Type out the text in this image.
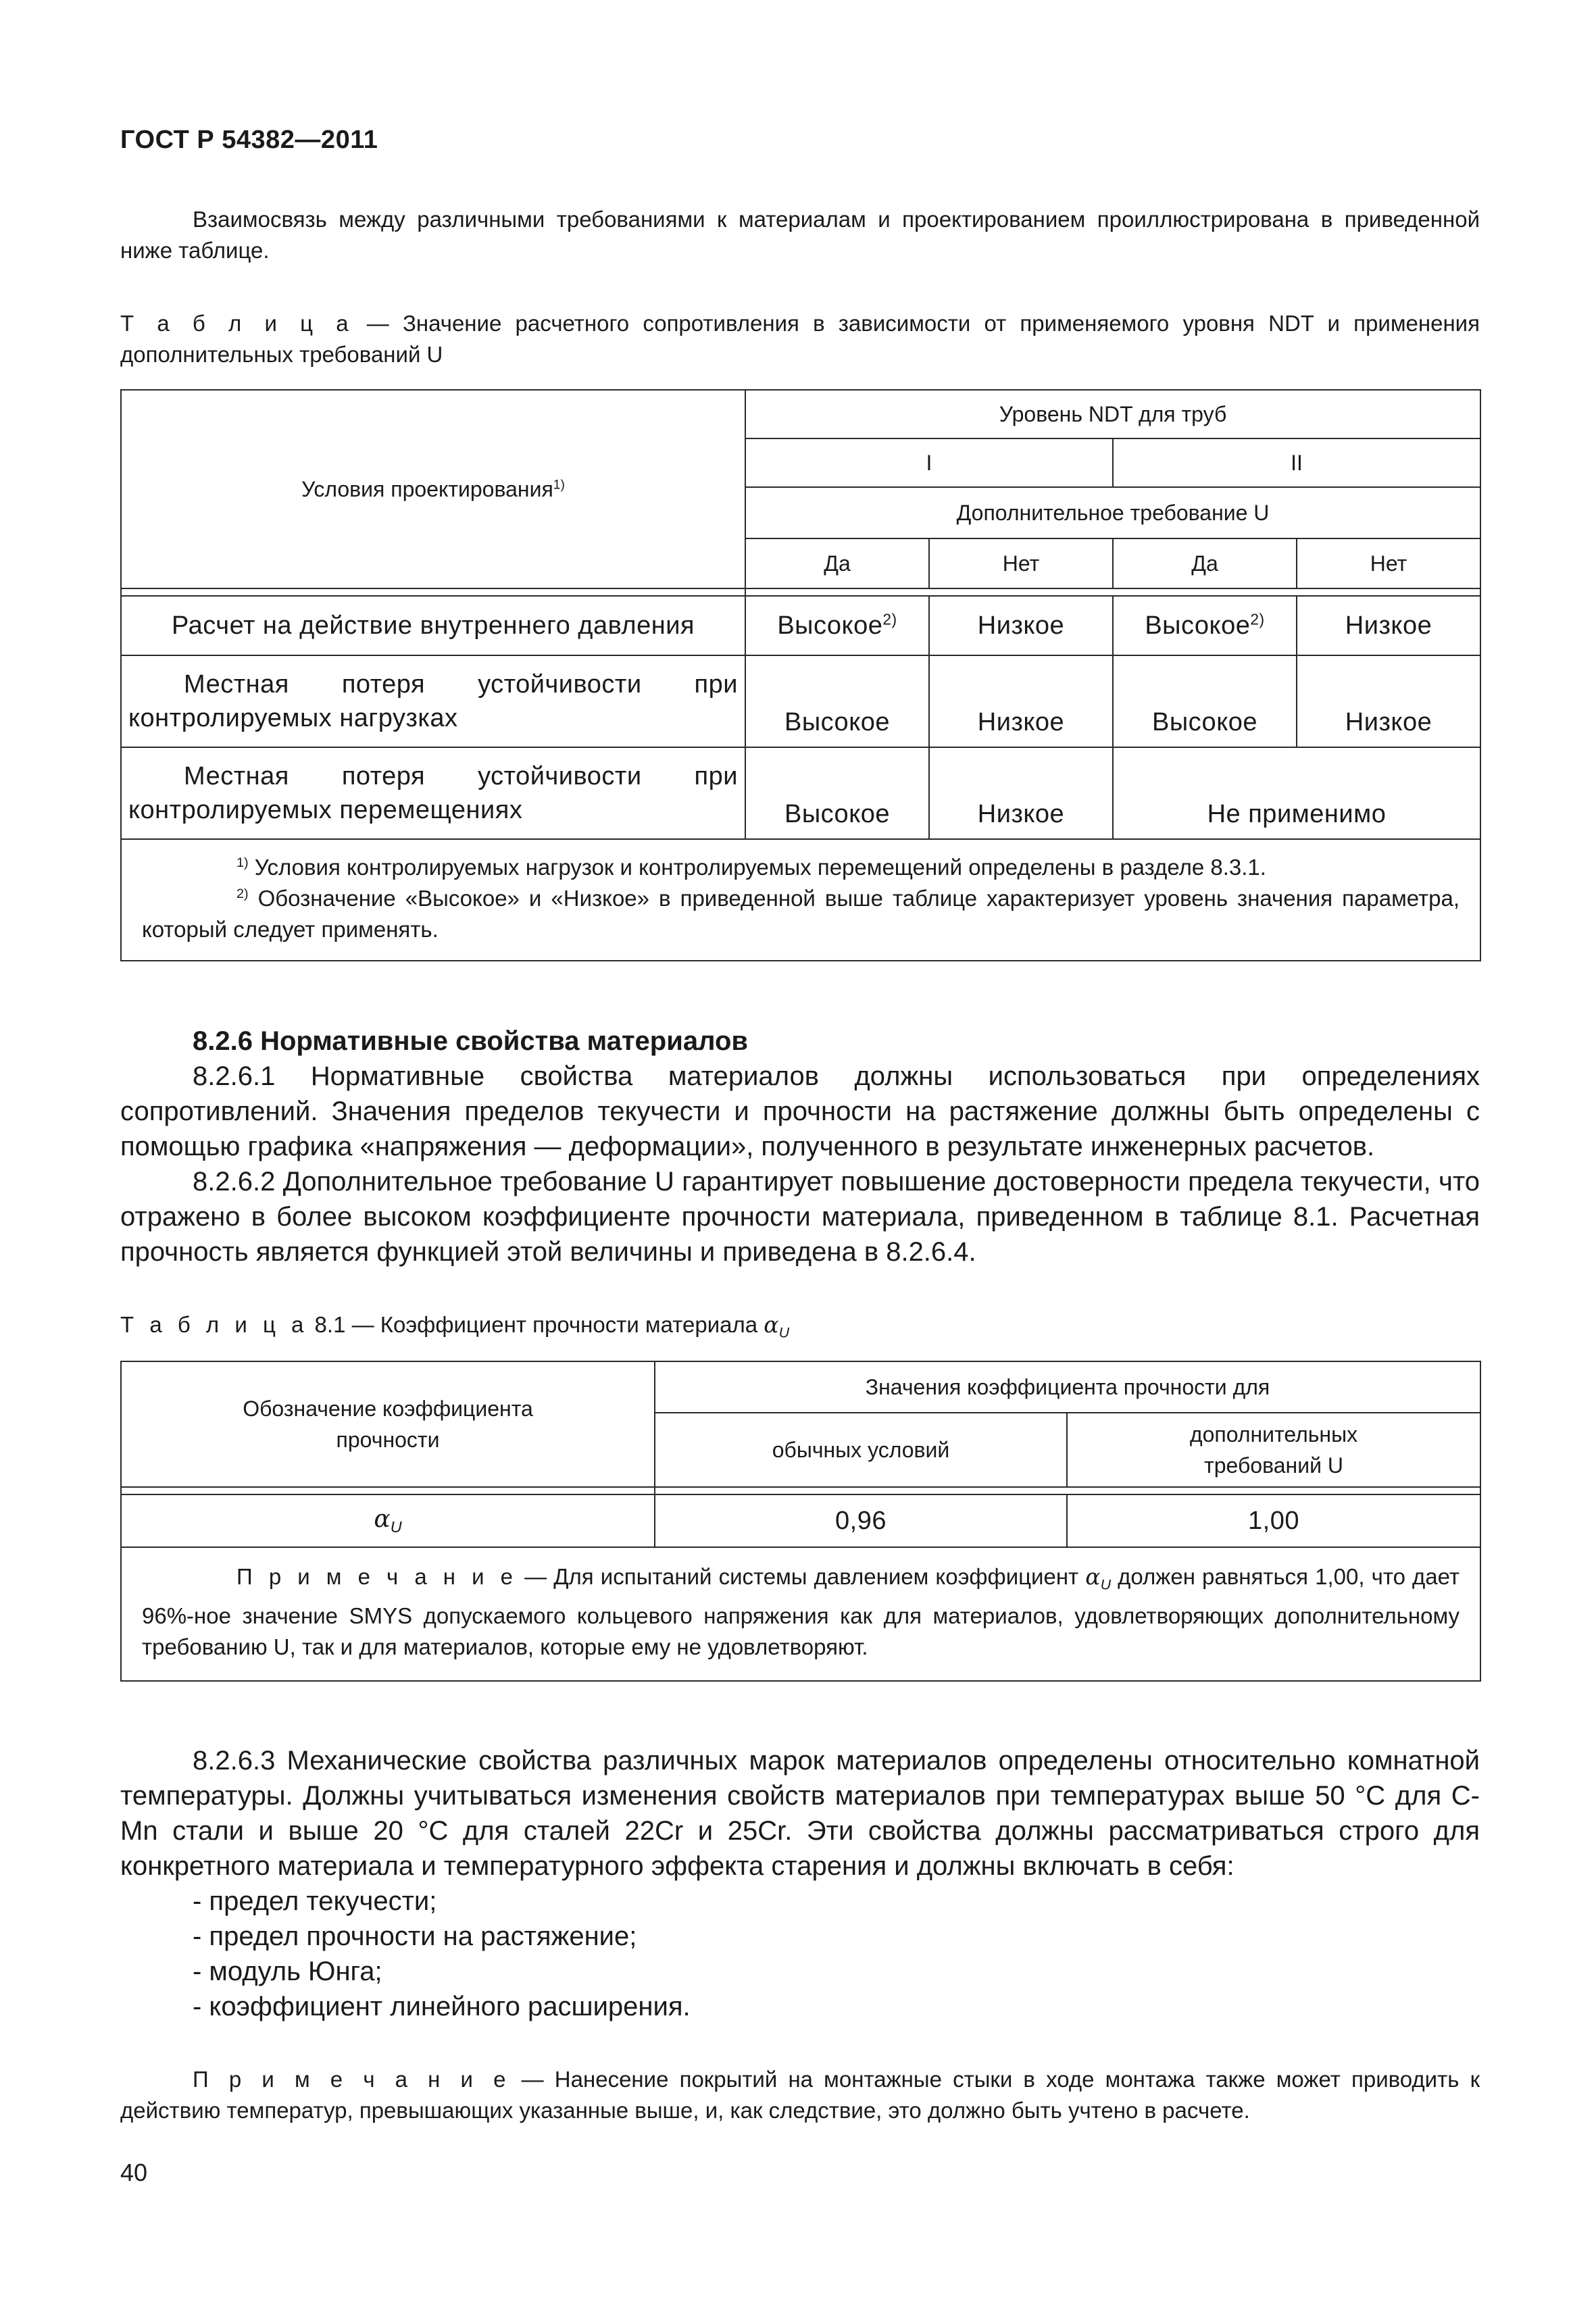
ГОСТ Р 54382—2011
Взаимосвязь между различными требованиями к материалам и проектированием проиллюстрирована в приведенной ниже таблице.
Т а б л и ц а — Значение расчетного сопротивления в зависимости от применяемого уровня NDT и применения дополнительных требований U
Условия проектирования$^{1)}$	Уровень NDT для труб			
	I		II	
	Дополнительное требование U			
	Да	Нет	Да	Нет

Расчет на действие внутреннего давления	Высокое$^{2)}$	Низкое	Высокое$^{2)}$	Низкое
Местная потеря устойчивости при контролируемых нагрузках	Высокое	Низкое	Высокое	Низкое
Местная потеря устойчивости при контролируемых перемещениях	Высокое	Низкое	Не применимо	

$^{1)}$ Условия контролируемых нагрузок и контролируемых перемещений определены в разделе 8.3.1.
$^{2)}$ Обозначение «Высокое» и «Низкое» в приведенной выше таблице характеризует уровень значения параметра, который следует применять.				
8.2.6 Нормативные свойства материалов
8.2.6.1 Нормативные свойства материалов должны использоваться при определениях сопротивлений. Значения пределов текучести и прочности на растяжение должны быть определены с помощью графика «напряжения — деформации», полученного в результате инженерных расчетов.
8.2.6.2 Дополнительное требование U гарантирует повышение достоверности предела текучести, что отражено в более высоком коэффициенте прочности материала, приведенном в таблице 8.1. Расчетная прочность является функцией этой величины и приведена в 8.2.6.4.
Т а б л и ц а 8.1 — Коэффициент прочности материала $\alpha_U$
Обозначение коэффициента прочности	Значения коэффициента прочности для	
	обычных условий	дополнительных требований U

$\alpha_U$	0,96	1,00

П р и м е ч а н и е — Для испытаний системы давлением коэффициент $\alpha_U$ должен равняться 1,00, что дает 96%-ное значение SMYS допускаемого кольцевого напряжения как для материалов, удовлетворяющих дополнительному требованию U, так и для материалов, которые ему не удовлетворяют.		
8.2.6.3 Механические свойства различных марок материалов определены относительно комнатной температуры. Должны учитываться изменения свойств материалов при температурах выше 50 °С для C-Mn стали и выше 20 °С для сталей 22Cr и 25Cr. Эти свойства должны рассматриваться строго для конкретного материала и температурного эффекта старения и должны включать в себя:
- предел текучести;
- предел прочности на растяжение;
- модуль Юнга;
- коэффициент линейного расширения.
П р и м е ч а н и е — Нанесение покрытий на монтажные стыки в ходе монтажа также может приводить к действию температур, превышающих указанные выше, и, как следствие, это должно быть учтено в расчете.
40
